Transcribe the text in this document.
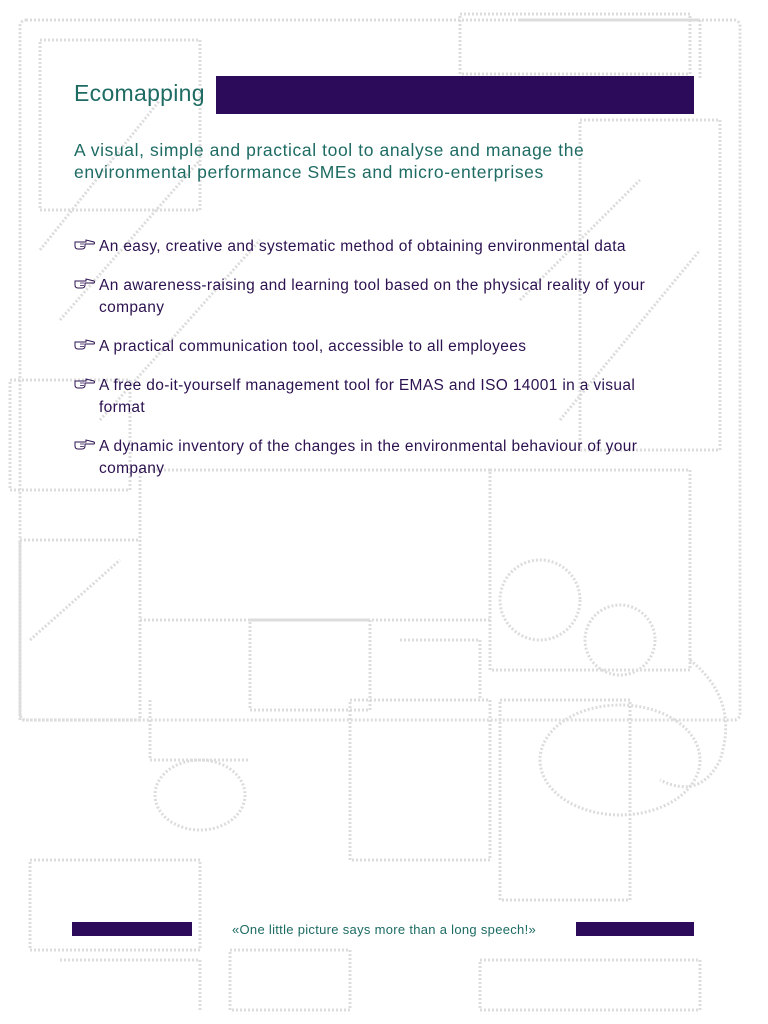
Ecomapping

A visual, simple and practical tool to analyse and manage the environmental performance SMEs and micro-enterprises

An easy, creative and systematic method of obtaining environmental data
An awareness-raising and learning tool based on the physical reality of your company
A practical communication tool, accessible to all employees
A free do-it-yourself management tool for EMAS and ISO 14001 in a visual format
A dynamic inventory of the changes in the environmental behaviour of your company

«One little picture says more than a long speech!»
